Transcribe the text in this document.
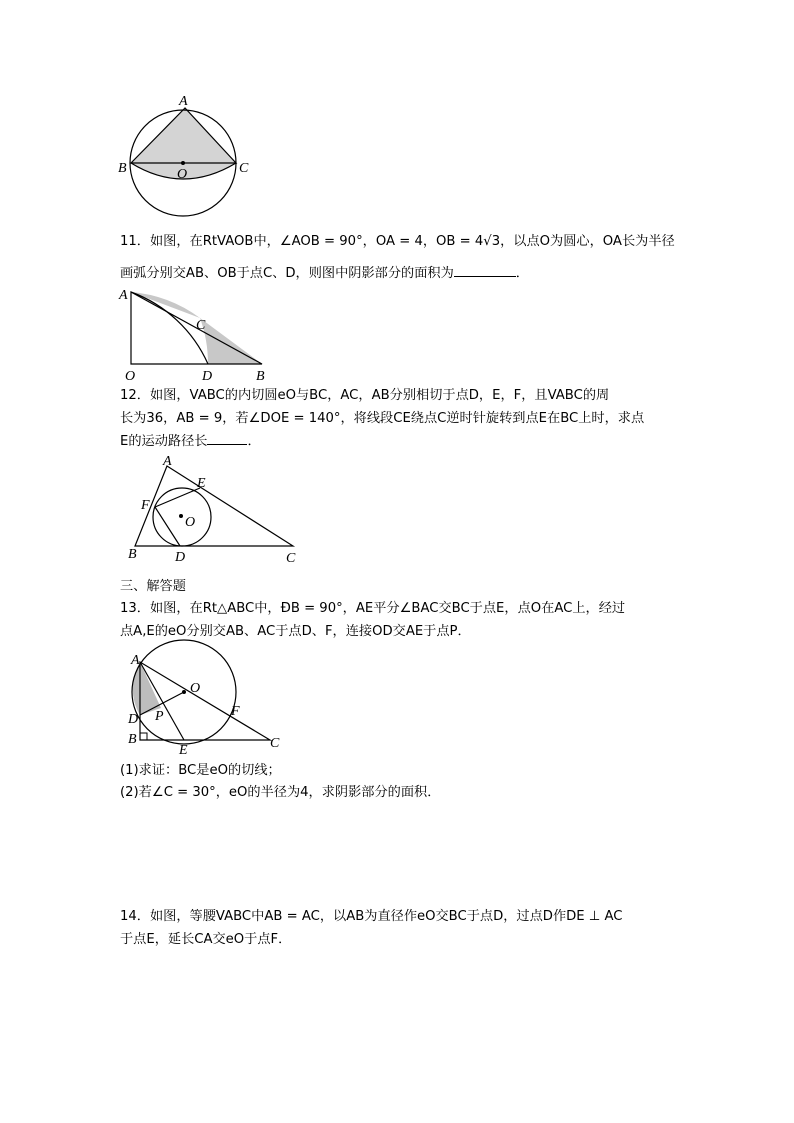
A
B	C
O
11．如图，在RtVAOB中，∠AOB = 90°，OA = 4，OB = 4√3，以点O为圆心，OA长为半径
画弧分别交AB、OB于点C、D，则图中阴影部分的面积为	．
A
C
O	D	B
12．如图，VABC的内切圆eO与BC，AC，AB分别相切于点D，E，F，且VABC的周
长为36，AB = 9，若∠DOE = 140°，将线段CE绕点C逆时针旋转到点E在BC上时，求点
E的运动路径长	．
A
E
F
O
B	D	C
三、解答题
13．如图，在Rt△ABC中，ÐB = 90°，AE平分∠BAC交BC于点E，点O在AC上，经过
点A,E的eO分别交AB、AC于点D、F，连接OD交AE于点P．
A
O
D P	F
B
E	C
(1)求证：BC是eO的切线；
(2)若∠C = 30°，eO的半径为4，求阴影部分的面积．
14．如图，等腰VABC中AB = AC，以AB为直径作eO交BC于点D，过点D作DE ⊥ AC
于点E，延长CA交eO于点F．
